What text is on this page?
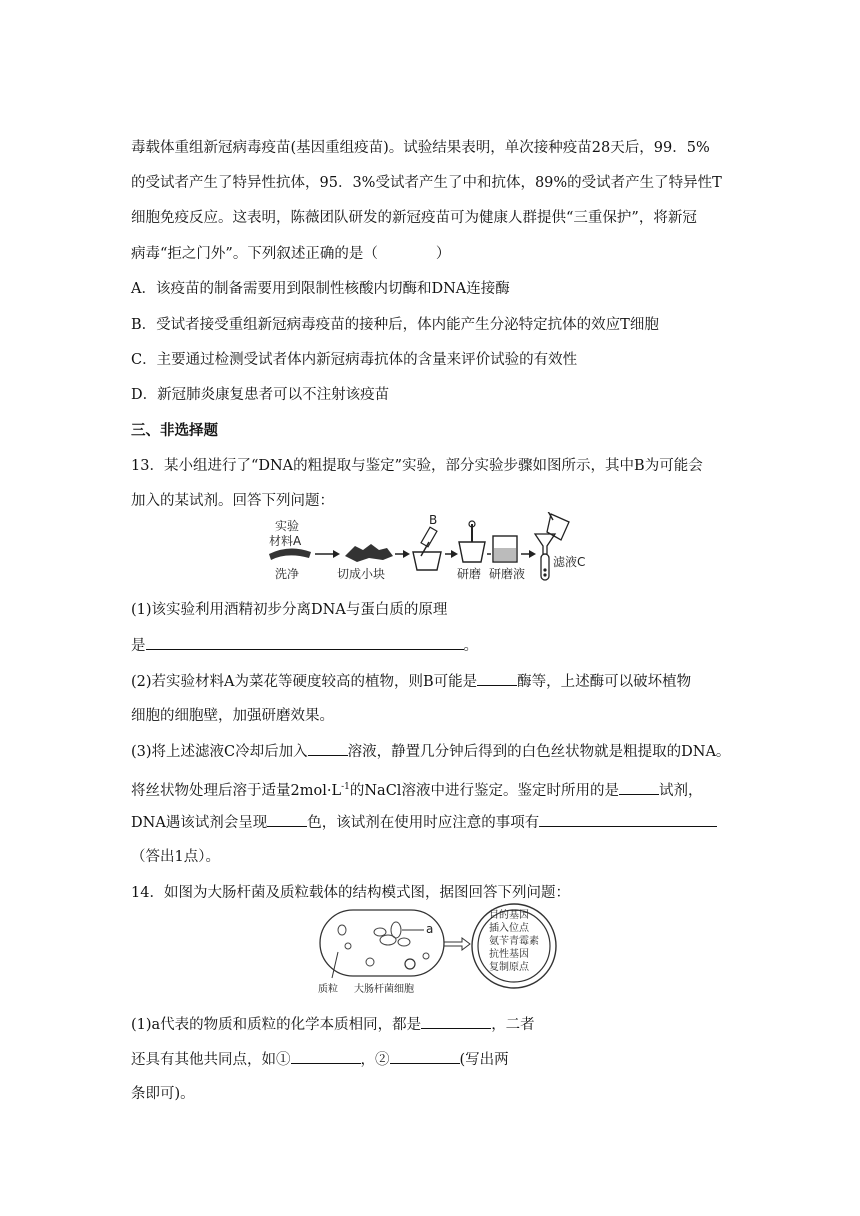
毒载体重组新冠病毒疫苗(基因重组疫苗)。试验结果表明，单次接种疫苗28天后，99．5%
的受试者产生了特异性抗体，95．3%受试者产生了中和抗体，89%的受试者产生了特异性T
细胞免疫反应。这表明，陈薇团队研发的新冠疫苗可为健康人群提供“三重保护”，将新冠
病毒“拒之门外”。下列叙述正确的是（　　　　）
A．该疫苗的制备需要用到限制性核酸内切酶和DNA连接酶
B．受试者接受重组新冠病毒疫苗的接种后，体内能产生分泌特定抗体的效应T细胞
C．主要通过检测受试者体内新冠病毒抗体的含量来评价试验的有效性
D．新冠肺炎康复患者可以不注射该疫苗
三、非选择题
13．某小组进行了“DNA的粗提取与鉴定”实验，部分实验步骤如图所示，其中B为可能会
加入的某试剂。回答下列问题：
实验
材料A
洗净	切成小块
B
研磨 研磨液
滤液C
(1)该实验利用酒精初步分离DNA与蛋白质的原理
是	。
(2)若实验材料A为菜花等硬度较高的植物，则B可能是	酶等，上述酶可以破坏植物
细胞的细胞壁，加强研磨效果。
(3)将上述滤液C冷却后加入	溶液，静置几分钟后得到的白色丝状物就是粗提取的DNA。
将丝状物处理后溶于适量$2mol\cdot L^{-1}$的NaCl溶液中进行鉴定。鉴定时所用的是	试剂，
DNA遇该试剂会呈现	色，该试剂在使用时应注意的事项有
（答出1点）。
14．如图为大肠杆菌及质粒载体的结构模式图，据图回答下列问题：
a
质粒 大肠杆菌细胞
目的基因
插入位点
氨苄青霉素
抗性基因
复制原点
(1)a代表的物质和质粒的化学本质相同，都是	，二者
还具有其他共同点，如①	，②	(写出两
条即可)。
